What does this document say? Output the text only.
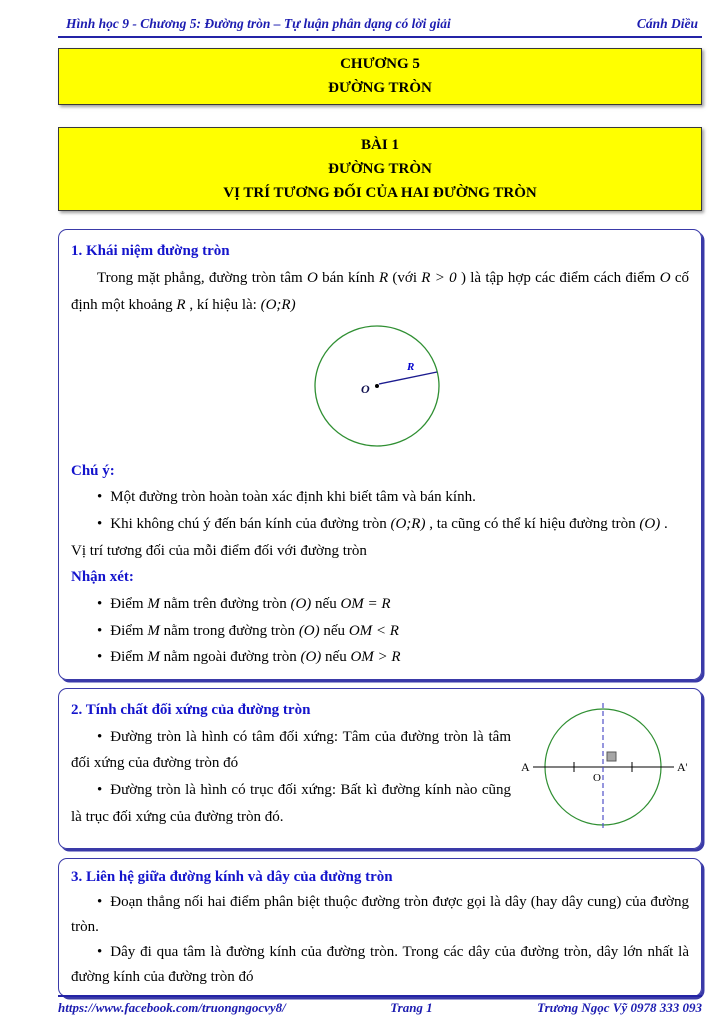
Hình học 9 - Chương 5: Đường tròn – Tự luận phân dạng có lời giải	Cánh Diều
CHƯƠNG 5
ĐƯỜNG TRÒN
BÀI 1
ĐƯỜNG TRÒN
VỊ TRÍ TƯƠNG ĐỐI CỦA HAI ĐƯỜNG TRÒN
1. Khái niệm đường tròn

Trong mặt phẳng, đường tròn tâm O bán kính R (với R > 0 ) là tập hợp các điểm cách điểm O cố định một khoảng R , kí hiệu là: (O;R)

O
R
Chú ý:

• Một đường tròn hoàn toàn xác định khi biết tâm và bán kính.

• Khi không chú ý đến bán kính của đường tròn (O;R) , ta cũng có thể kí hiệu đường tròn (O) .

Vị trí tương đối của mỗi điểm đối với đường tròn

Nhận xét:

• Điểm M nằm trên đường tròn (O) nếu OM = R

• Điểm M nằm trong đường tròn (O) nếu OM < R

• Điểm M nằm ngoài đường tròn (O) nếu OM > R

A	A'
O
2. Tính chất đối xứng của đường tròn

• Đường tròn là hình có tâm đối xứng: Tâm của đường tròn là tâm đối xứng của đường tròn đó

• Đường tròn là hình có trục đối xứng: Bất kì đường kính nào cũng là trục đối xứng của đường tròn đó.

3. Liên hệ giữa đường kính và dây của đường tròn

• Đoạn thẳng nối hai điểm phân biệt thuộc đường tròn được gọi là dây (hay dây cung) của đường tròn.

• Dây đi qua tâm là đường kính của đường tròn. Trong các dây của đường tròn, dây lớn nhất là đường kính của đường tròn đó

https://www.facebook.com/truongngocvy8/	Trang 1	Trương Ngọc Vỹ 0978 333 093
